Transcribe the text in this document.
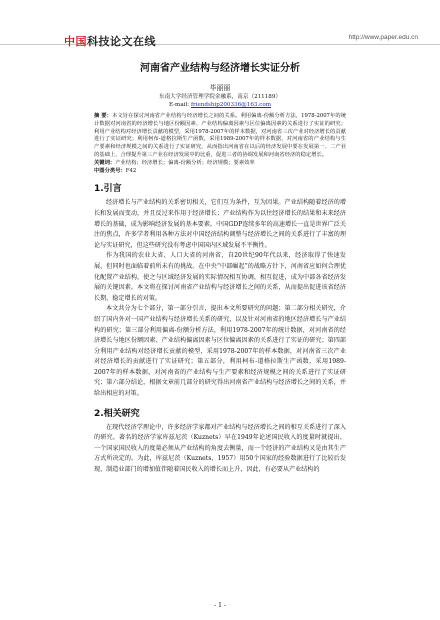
中国科技论文在线	http://www.paper.edu.cn
河南省产业结构与经济增长实证分析
毕丽丽
东南大学经济管理学院金融系，南京（211189）
E-mail: friendship200336@163.com
摘 要：本文旨在探讨河南省产业结构与经济增长之间的关系。利用偏离-份额分析方法，1978-2007年的统计数据对河南省的经济增长与地区份额因素、产业结构偏离因素与区位偏离因素的关系进行了实证的研究；利用产业结构对经济增长贡献的模型，采用1978-2007年的样本数据，对河南省三次产业对经济增长的贡献进行了实证研究；利用柯布-道格拉斯生产函数，采用1989-2007年的样本数据，对河南省的产业结构与生产要素和经济规模之间的关系进行了实证研究，从而指出河南省在以后的经济发展中要在发展第一、二产业的基础上，合理提升第三产业在经济发展中的比重，促进三者的协调发展和河南省经济的稳定增长。
关键词：产业结构；经济增长；偏离-份额分析；经济规模；要素效率
中图分类号：F42
1.引言

经济增长与产业结构的关系密切相关，它们互为条件，互为因果。产业结构随着经济的增长和发展而变动，并且反过来作用于经济增长；产业结构作为以往经济增长的结果和未来经济增长的基础，成为影响经济发展的基本要素。中国GDP连续多年的高速增长一直是世界广泛关注的焦点，许多学者利用各种方法对中国经济结构调整与经济增长之间的关系进行了丰富的理论与实证研究，但这些研究没有考虑中国国内区域发展不平衡性。

作为我国的农业大省、人口大省的河南省，自20世纪90年代以来，经济取得了快速发展，但同时也面临着前所未有的挑战。在中央“中部崛起”的战略方针下，河南省应如何合理优化配置产业结构，使之与区域经济发展的实际情况相互协调，相互促进，成为中部各省经济发展的关键因素。本文将在探讨河南省产业结构与经济增长之间的关系，从而提出促进该省经济长期、稳定增长的对策。

本文共分为七个部分，第一部分引言，提出本文所要研究的问题；第二部分相关研究，介绍了国内外对一国产业结构与经济增长关系的研究，以及针对河南省的地区经济增长与产业结构的研究；第三部分利用偏离-份额分析方法，利用1978-2007年的统计数据，对河南省的经济增长与地区份额因素、产业结构偏离因素与区位偏离因素的关系进行了实证的研究；第四部分利用产业结构对经济增长贡献的模型，采用1978-2007年的样本数据，对河南省三次产业对经济增长的贡献进行了实证研究；第五部分，利用柯布-道格拉斯生产函数，采用1989-2007年的样本数据，对河南省的产业结构与生产要素和经济规模之间的关系进行了实证研究；第六部分结论，根据文章前几部分的研究得出河南省产业结构与经济增长之间的关系，并给出相应的对策。

2.相关研究

在现代经济学理论中，许多经济学家都对产业结构与经济增长之间的相互关系进行了深入的研究。著名的经济学家库兹尼茨（Kuznets）早在1949年论述国民收入的度量时就提出，一个国家国民收入的度量必须从产业结构的角度去衡量，而一个经济的产业结构又是由其生产方式所决定的。为此，库兹尼茨（Kuznets，1957）用50个国家的经验数据进行了比较后发现，制造业部门的增加值伴随着国民收入的增长而上升，因此，有必要从产业结构的

- 1 -
